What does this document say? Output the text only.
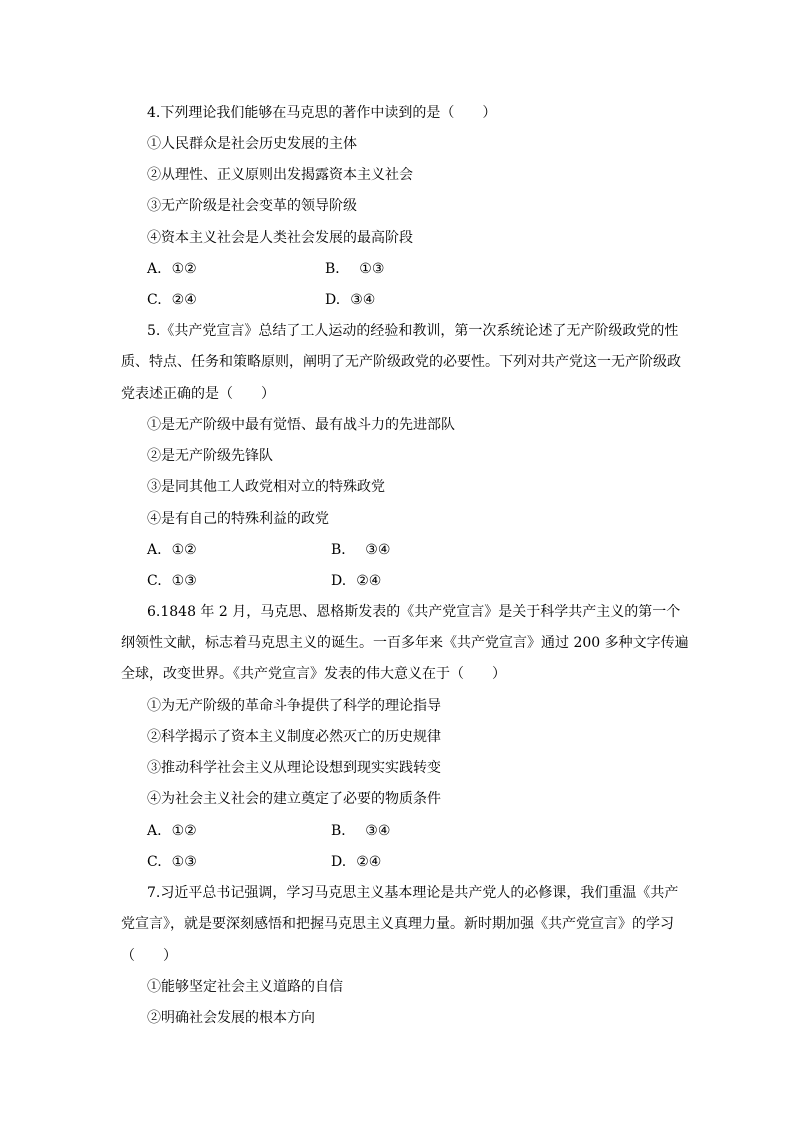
4.下列理论我们能够在马克思的著作中读到的是（　　）
①人民群众是社会历史发展的主体
②从理性、正义原则出发揭露资本主义社会
③无产阶级是社会变革的领导阶级
④资本主义社会是人类社会发展的最高阶段
A. ①②	B． ①③
C. ②④	D. ③④
5.《共产党宣言》总结了工人运动的经验和教训，第一次系统论述了无产阶级政党的性
质、特点、任务和策略原则，阐明了无产阶级政党的必要性。下列对共产党这一无产阶级政
党表述正确的是（　　）
①是无产阶级中最有觉悟、最有战斗力的先进部队
②是无产阶级先锋队
③是同其他工人政党相对立的特殊政党
④是有自己的特殊利益的政党
A. ①②	B． ③④
C. ①③	D. ②④
6.1848 年 2 月，马克思、恩格斯发表的《共产党宣言》是关于科学共产主义的第一个
纲领性文献，标志着马克思主义的诞生。一百多年来《共产党宣言》通过 200 多种文字传遍
全球，改变世界。《共产党宣言》发表的伟大意义在于（　　）
①为无产阶级的革命斗争提供了科学的理论指导
②科学揭示了资本主义制度必然灭亡的历史规律
③推动科学社会主义从理论设想到现实实践转变
④为社会主义社会的建立奠定了必要的物质条件
A. ①②	B． ③④
C. ①③	D. ②④
7.习近平总书记强调，学习马克思主义基本理论是共产党人的必修课，我们重温《共产
党宣言》，就是要深刻感悟和把握马克思主义真理力量。新时期加强《共产党宣言》的学习
（　　）
①能够坚定社会主义道路的自信
②明确社会发展的根本方向
